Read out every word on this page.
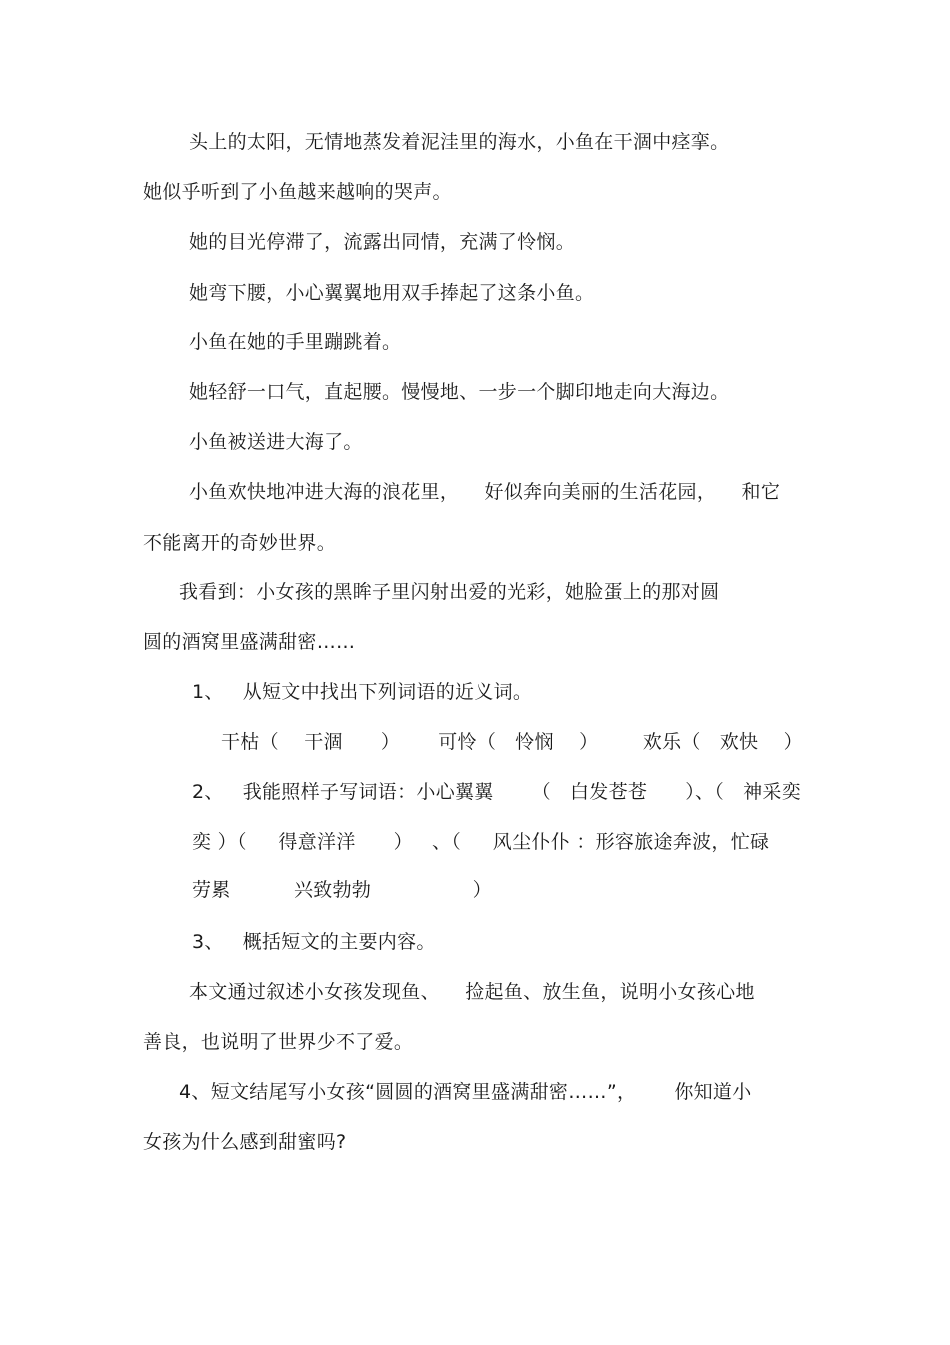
头上的太阳，无情地蒸发着泥洼里的海水，小鱼在干涸中痉挛。
她似乎听到了小鱼越来越响的哭声。
她的目光停滞了，流露出同情，充满了怜悯。
她弯下腰，小心翼翼地用双手捧起了这条小鱼。
小鱼在她的手里蹦跳着。
她轻舒一口气，直起腰。慢慢地、一步一个脚印地走向大海边。
小鱼被送进大海了。
小鱼欢快地冲进大海的浪花里，    好似奔向美丽的生活花园，    和它
不能离开的奇妙世界。
我看到：小女孩的黑眸子里闪射出爱的光彩，她脸蛋上的那对圆
圆的酒窝里盛满甜密……
1、   从短文中找出下列词语的近义词。
干枯（    干涸      ）      可怜（   怜悯    ）       欢乐（   欢快    ）
2、   我能照样子写词语：小心翼翼      （   白发苍苍      ）、（   神采奕
奕 ）（     得意洋洋      ）   、（     风尘仆仆 ：形容旅途奔波，忙碌
劳累          兴致勃勃                ）
3、   概括短文的主要内容。
本文通过叙述小女孩发现鱼、    捡起鱼、放生鱼，说明小女孩心地
善良，也说明了世界少不了爱。
4、短文结尾写小女孩“圆圆的酒窝里盛满甜密……”，      你知道小
女孩为什么感到甜蜜吗?
